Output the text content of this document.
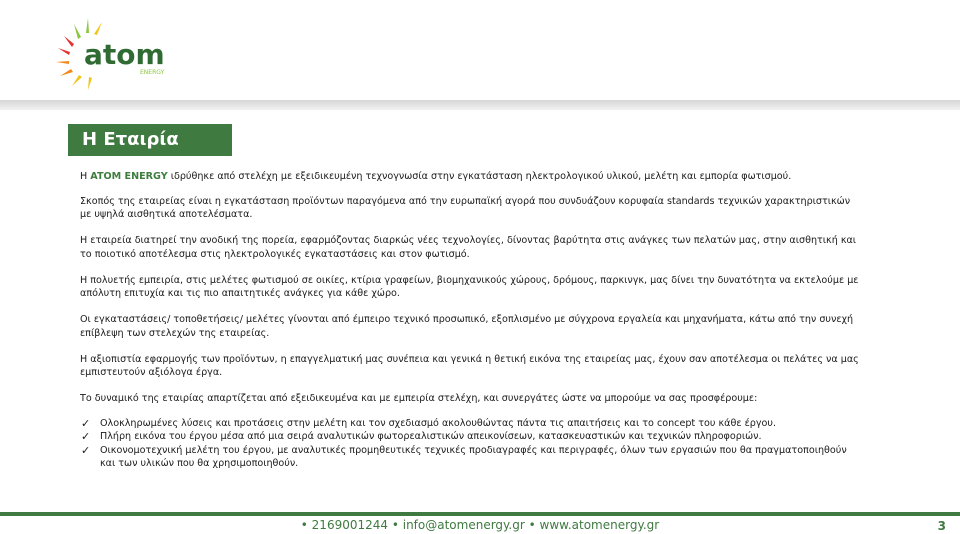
atom
ENERGY
Η Εταιρία

Η ATOM ENERGY ιδρύθηκε από στελέχη με εξειδικευμένη τεχνογνωσία στην εγκατάσταση ηλεκτρολογικού υλικού, μελέτη και εμπορία φωτισμού.

Σκοπός της εταιρείας είναι η εγκατάσταση προϊόντων παραγόμενα από την ευρωπαϊκή αγορά που συνδυάζουν κορυφαία standards τεχνικών χαρακτηριστικών με υψηλά αισθητικά αποτελέσματα.

Η εταιρεία διατηρεί την ανοδική της πορεία, εφαρμόζοντας διαρκώς νέες τεχνολογίες, δίνοντας βαρύτητα στις ανάγκες των πελατών μας, στην αισθητική και το ποιοτικό αποτέλεσμα στις ηλεκτρολογικές εγκαταστάσεις και στον φωτισμό.

Η πολυετής εμπειρία, στις μελέτες φωτισμού σε οικίες, κτίρια γραφείων, βιομηχανικούς χώρους, δρόμους, παρκινγκ, μας δίνει την δυνατότητα να εκτελούμε με απόλυτη επιτυχία και τις πιο απαιτητικές ανάγκες για κάθε χώρο.

Οι εγκαταστάσεις/ τοποθετήσεις/ μελέτες γίνονται από έμπειρο τεχνικό προσωπικό, εξοπλισμένο με σύγχρονα εργαλεία και μηχανήματα, κάτω από την συνεχή επίβλεψη των στελεχών της εταιρείας.

Η αξιοπιστία εφαρμογής των προϊόντων, η επαγγελματική μας συνέπεια και γενικά η θετική εικόνα της εταιρείας μας, έχουν σαν αποτέλεσμα οι πελάτες να μας εμπιστευτούν αξιόλογα έργα.

Το δυναμικό της εταιρίας απαρτίζεται από εξειδικευμένα και με εμπειρία στελέχη, και συνεργάτες ώστε να μπορούμε να σας προσφέρουμε:

✓ Ολοκληρωμένες λύσεις και προτάσεις στην μελέτη και τον σχεδιασμό ακολουθώντας πάντα τις απαιτήσεις και το concept του κάθε έργου.
✓ Πλήρη εικόνα του έργου μέσα από μια σειρά αναλυτικών φωτορεαλιστικών απεικονίσεων, κατασκευαστικών και τεχνικών πληροφοριών.
✓ Οικονομοτεχνική μελέτη του έργου, με αναλυτικές προμηθευτικές τεχνικές προδιαγραφές και περιγραφές, όλων των εργασιών που θα πραγματοποιηθούν και των υλικών που θα χρησιμοποιηθούν.
• 2169001244 • info@atomenergy.gr • www.atomenergy.gr	3
